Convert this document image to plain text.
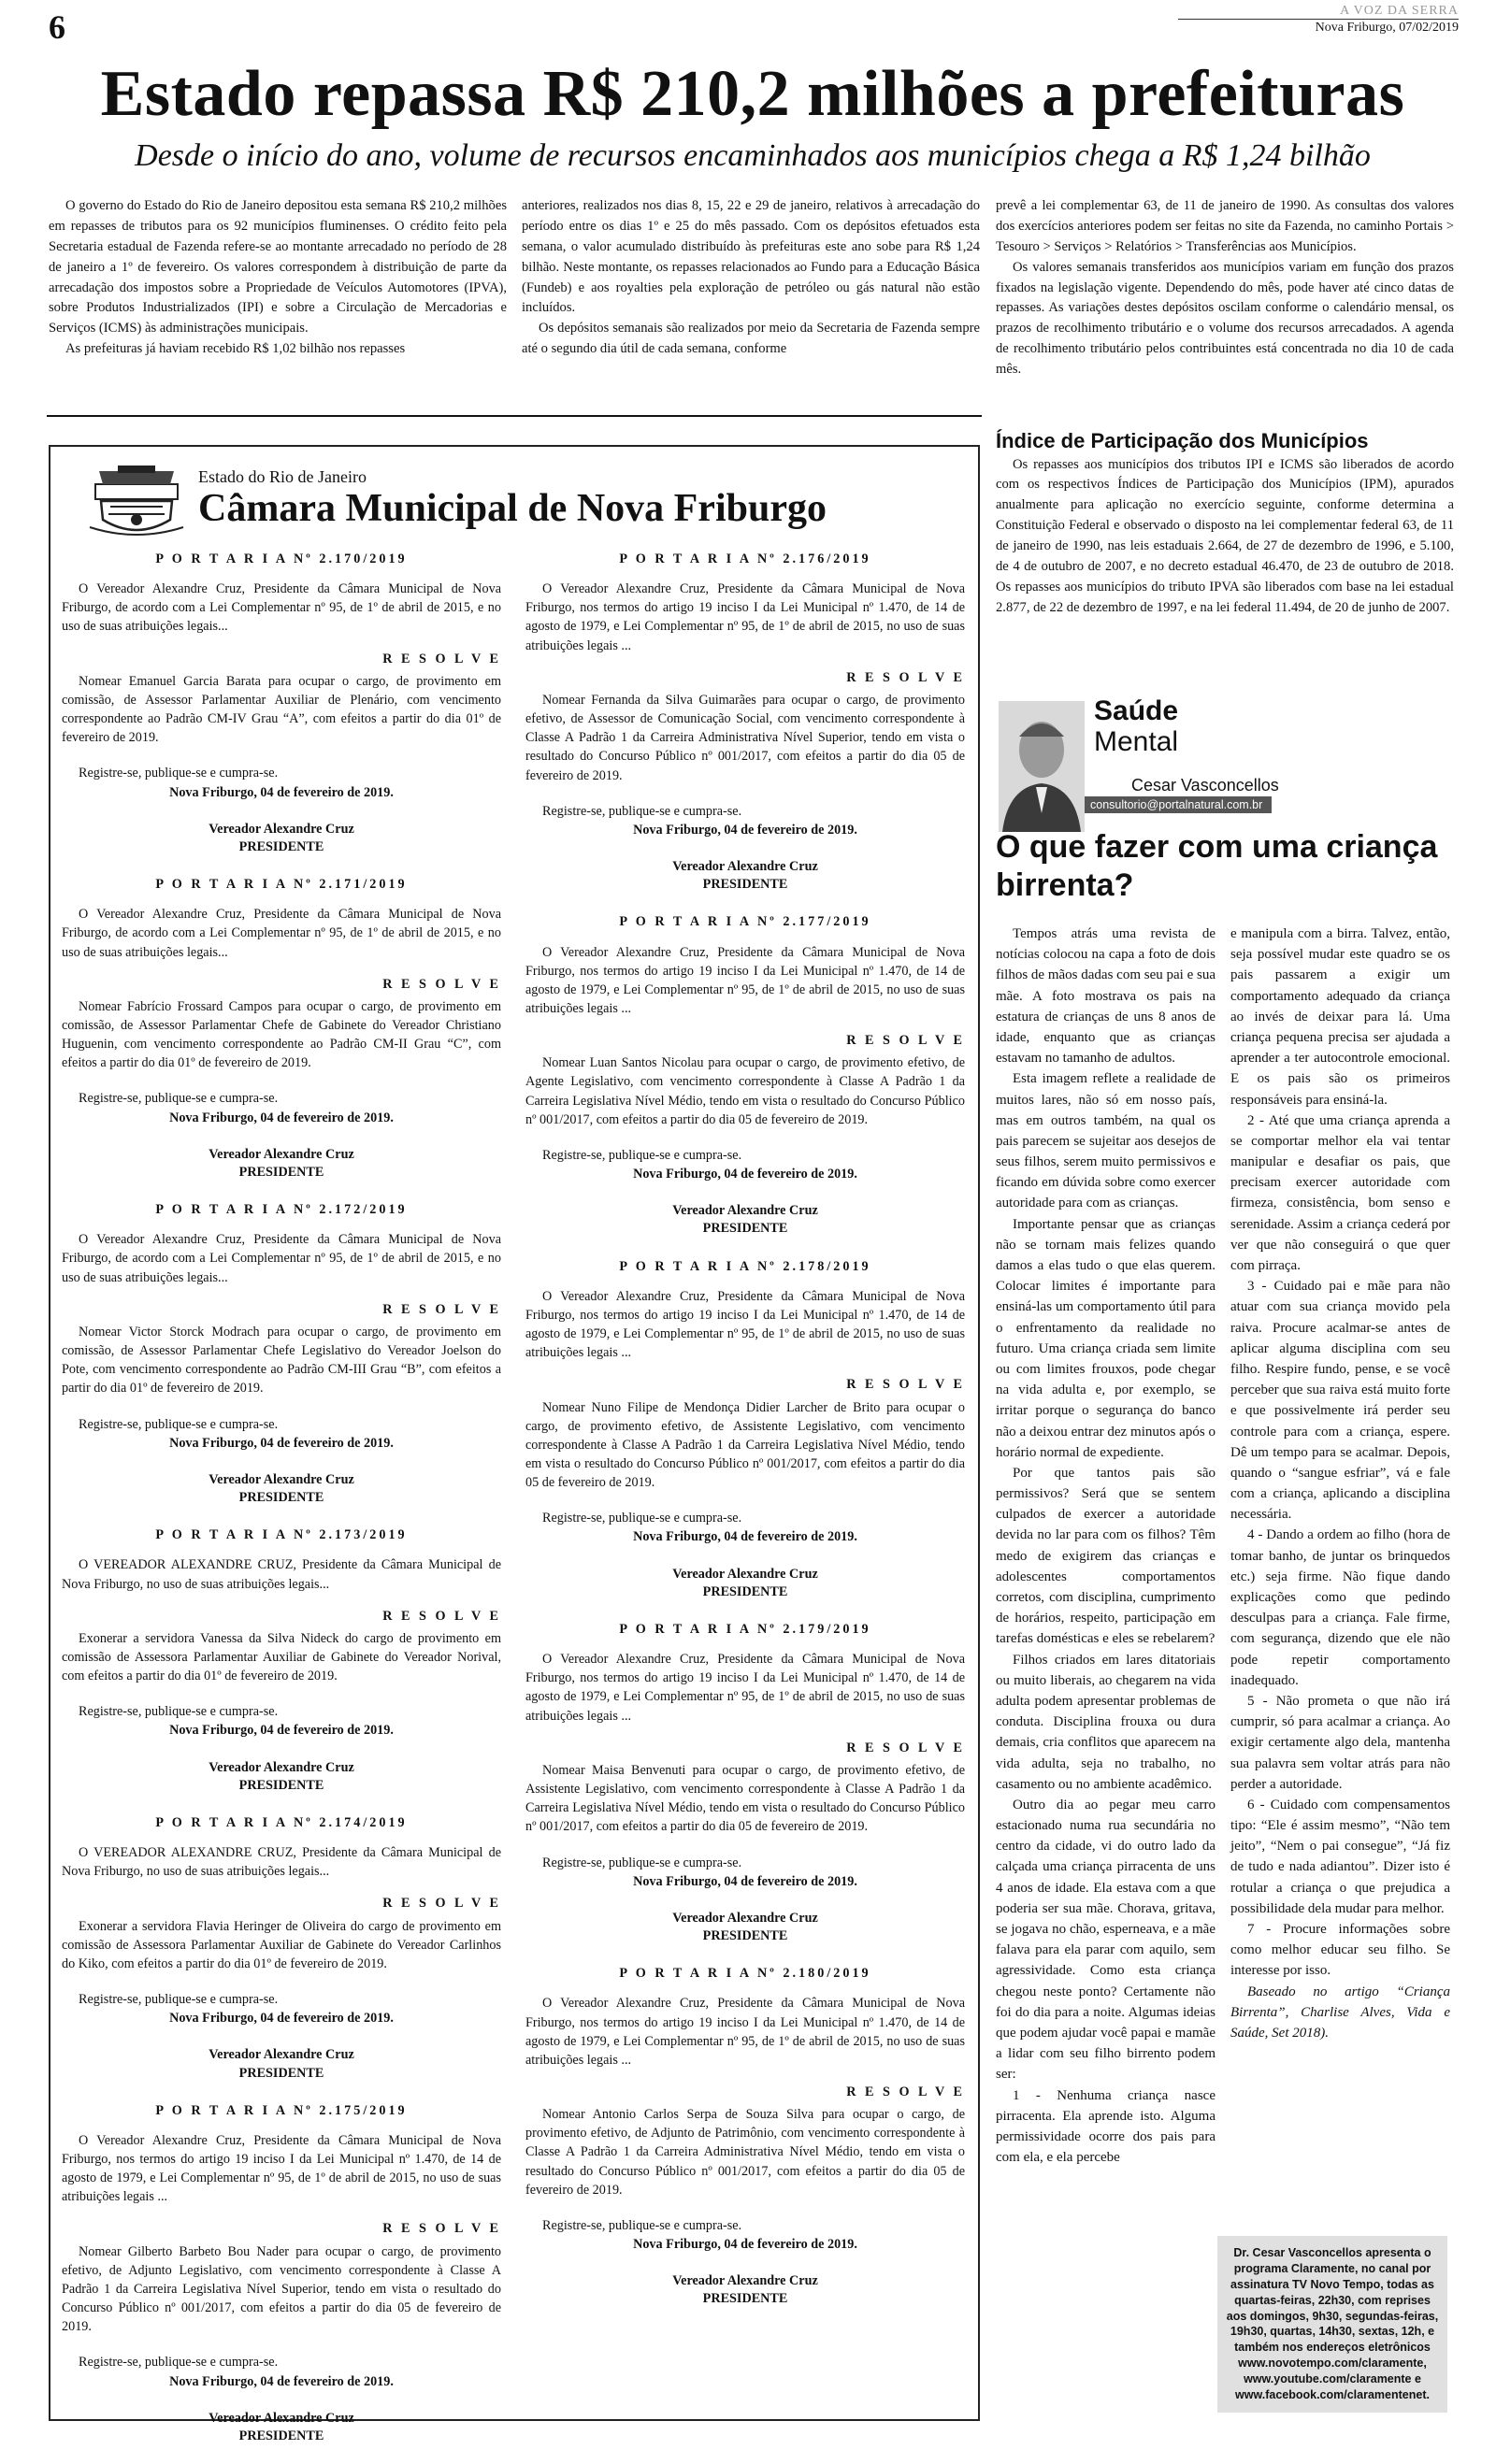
6	A VOZ DA SERRA
Nova Friburgo, 07/02/2019
Estado repassa R$ 210,2 milhões a prefeituras
Desde o início do ano, volume de recursos encaminhados aos municípios chega a R$ 1,24 bilhão

O governo do Estado do Rio de Janeiro depositou esta semana R$ 210,2 milhões em repasses de tributos para os 92 municípios fluminenses. O crédito feito pela Secretaria estadual de Fazenda refere-se ao montante arrecadado no período de 28 de janeiro a 1º de fevereiro. Os valores correspondem à distribuição de parte da arrecadação dos impostos sobre a Propriedade de Veículos Automotores (IPVA), sobre Produtos Industrializados (IPI) e sobre a Circulação de Mercadorias e Serviços (ICMS) às administrações municipais.

As prefeituras já haviam recebido R$ 1,02 bilhão nos repasses

anteriores, realizados nos dias 8, 15, 22 e 29 de janeiro, relativos à arrecadação do período entre os dias 1º e 25 do mês passado. Com os depósitos efetuados esta semana, o valor acumulado distribuído às prefeituras este ano sobe para R$ 1,24 bilhão. Neste montante, os repasses relacionados ao Fundo para a Educação Básica (Fundeb) e aos royalties pela exploração de petróleo ou gás natural não estão incluídos.

Os depósitos semanais são realizados por meio da Secretaria de Fazenda sempre até o segundo dia útil de cada semana, conforme

prevê a lei complementar 63, de 11 de janeiro de 1990. As consultas dos valores dos exercícios anteriores podem ser feitas no site da Fazenda, no caminho Portais > Tesouro > Serviços > Relatórios > Transferências aos Municípios.

Os valores semanais transferidos aos municípios variam em função dos prazos fixados na legislação vigente. Dependendo do mês, pode haver até cinco datas de repasses. As variações destes depósitos oscilam conforme o calendário mensal, os prazos de recolhimento tributário e o volume dos recursos arrecadados. A agenda de recolhimento tributário pelos contribuintes está concentrada no dia 10 de cada mês.

Estado do Rio de Janeiro
Câmara Municipal de Nova Friburgo
P O R T A R I A Nº 2.170/2019
O Vereador Alexandre Cruz, Presidente da Câmara Municipal de Nova Friburgo, de acordo com a Lei Complementar nº 95, de 1º de abril de 2015, e no uso de suas atribuições legais...
R E S O L V E
Nomear Emanuel Garcia Barata para ocupar o cargo, de provimento em comissão, de Assessor Parlamentar Auxiliar de Plenário, com vencimento correspondente ao Padrão CM-IV Grau “A”, com efeitos a partir do dia 01º de fevereiro de 2019.
Registre-se, publique-se e cumpra-se.
Nova Friburgo, 04 de fevereiro de 2019.
Vereador Alexandre Cruz
PRESIDENTE
P O R T A R I A Nº 2.171/2019
O Vereador Alexandre Cruz, Presidente da Câmara Municipal de Nova Friburgo, de acordo com a Lei Complementar nº 95, de 1º de abril de 2015, e no uso de suas atribuições legais...
R E S O L V E
Nomear Fabrício Frossard Campos para ocupar o cargo, de provimento em comissão, de Assessor Parlamentar Chefe de Gabinete do Vereador Christiano Huguenin, com vencimento correspondente ao Padrão CM-II Grau “C”, com efeitos a partir do dia 01º de fevereiro de 2019.
Registre-se, publique-se e cumpra-se.
Nova Friburgo, 04 de fevereiro de 2019.
Vereador Alexandre Cruz
PRESIDENTE
P O R T A R I A Nº 2.172/2019
O Vereador Alexandre Cruz, Presidente da Câmara Municipal de Nova Friburgo, de acordo com a Lei Complementar nº 95, de 1º de abril de 2015, e no uso de suas atribuições legais...
R E S O L V E
Nomear Victor Storck Modrach para ocupar o cargo, de provimento em comissão, de Assessor Parlamentar Chefe Legislativo do Vereador Joelson do Pote, com vencimento correspondente ao Padrão CM-III Grau “B”, com efeitos a partir do dia 01º de fevereiro de 2019.
Registre-se, publique-se e cumpra-se.
Nova Friburgo, 04 de fevereiro de 2019.
Vereador Alexandre Cruz
PRESIDENTE
P O R T A R I A Nº 2.173/2019
O VEREADOR ALEXANDRE CRUZ, Presidente da Câmara Municipal de Nova Friburgo, no uso de suas atribuições legais...
R E S O L V E
Exonerar a servidora Vanessa da Silva Nideck do cargo de provimento em comissão de Assessora Parlamentar Auxiliar de Gabinete do Vereador Norival, com efeitos a partir do dia 01º de fevereiro de 2019.
Registre-se, publique-se e cumpra-se.
Nova Friburgo, 04 de fevereiro de 2019.
Vereador Alexandre Cruz
PRESIDENTE
P O R T A R I A Nº 2.174/2019
O VEREADOR ALEXANDRE CRUZ, Presidente da Câmara Municipal de Nova Friburgo, no uso de suas atribuições legais...
R E S O L V E
Exonerar a servidora Flavia Heringer de Oliveira do cargo de provimento em comissão de Assessora Parlamentar Auxiliar de Gabinete do Vereador Carlinhos do Kiko, com efeitos a partir do dia 01º de fevereiro de 2019.
Registre-se, publique-se e cumpra-se.
Nova Friburgo, 04 de fevereiro de 2019.
Vereador Alexandre Cruz
PRESIDENTE
P O R T A R I A Nº 2.175/2019
O Vereador Alexandre Cruz, Presidente da Câmara Municipal de Nova Friburgo, nos termos do artigo 19 inciso I da Lei Municipal nº 1.470, de 14 de agosto de 1979, e Lei Complementar nº 95, de 1º de abril de 2015, no uso de suas atribuições legais ...
R E S O L V E
Nomear Gilberto Barbeto Bou Nader para ocupar o cargo, de provimento efetivo, de Adjunto Legislativo, com vencimento correspondente à Classe A Padrão 1 da Carreira Legislativa Nível Superior, tendo em vista o resultado do Concurso Público nº 001/2017, com efeitos a partir do dia 05 de fevereiro de 2019.
Registre-se, publique-se e cumpra-se.
Nova Friburgo, 04 de fevereiro de 2019.
Vereador Alexandre Cruz
PRESIDENTE
P O R T A R I A Nº 2.176/2019
O Vereador Alexandre Cruz, Presidente da Câmara Municipal de Nova Friburgo, nos termos do artigo 19 inciso I da Lei Municipal nº 1.470, de 14 de agosto de 1979, e Lei Complementar nº 95, de 1º de abril de 2015, no uso de suas atribuições legais ...
R E S O L V E
Nomear Fernanda da Silva Guimarães para ocupar o cargo, de provimento efetivo, de Assessor de Comunicação Social, com vencimento correspondente à Classe A Padrão 1 da Carreira Administrativa Nível Superior, tendo em vista o resultado do Concurso Público nº 001/2017, com efeitos a partir do dia 05 de fevereiro de 2019.
Registre-se, publique-se e cumpra-se.
Nova Friburgo, 04 de fevereiro de 2019.
Vereador Alexandre Cruz
PRESIDENTE
P O R T A R I A Nº 2.177/2019
O Vereador Alexandre Cruz, Presidente da Câmara Municipal de Nova Friburgo, nos termos do artigo 19 inciso I da Lei Municipal nº 1.470, de 14 de agosto de 1979, e Lei Complementar nº 95, de 1º de abril de 2015, no uso de suas atribuições legais ...
R E S O L V E
Nomear Luan Santos Nicolau para ocupar o cargo, de provimento efetivo, de Agente Legislativo, com vencimento correspondente à Classe A Padrão 1 da Carreira Legislativa Nível Médio, tendo em vista o resultado do Concurso Público nº 001/2017, com efeitos a partir do dia 05 de fevereiro de 2019.
Registre-se, publique-se e cumpra-se.
Nova Friburgo, 04 de fevereiro de 2019.
Vereador Alexandre Cruz
PRESIDENTE
P O R T A R I A Nº 2.178/2019
O Vereador Alexandre Cruz, Presidente da Câmara Municipal de Nova Friburgo, nos termos do artigo 19 inciso I da Lei Municipal nº 1.470, de 14 de agosto de 1979, e Lei Complementar nº 95, de 1º de abril de 2015, no uso de suas atribuições legais ...
R E S O L V E
Nomear Nuno Filipe de Mendonça Didier Larcher de Brito para ocupar o cargo, de provimento efetivo, de Assistente Legislativo, com vencimento correspondente à Classe A Padrão 1 da Carreira Legislativa Nível Médio, tendo em vista o resultado do Concurso Público nº 001/2017, com efeitos a partir do dia 05 de fevereiro de 2019.
Registre-se, publique-se e cumpra-se.
Nova Friburgo, 04 de fevereiro de 2019.
Vereador Alexandre Cruz
PRESIDENTE
P O R T A R I A Nº 2.179/2019
O Vereador Alexandre Cruz, Presidente da Câmara Municipal de Nova Friburgo, nos termos do artigo 19 inciso I da Lei Municipal nº 1.470, de 14 de agosto de 1979, e Lei Complementar nº 95, de 1º de abril de 2015, no uso de suas atribuições legais ...
R E S O L V E
Nomear Maisa Benvenuti para ocupar o cargo, de provimento efetivo, de Assistente Legislativo, com vencimento correspondente à Classe A Padrão 1 da Carreira Legislativa Nível Médio, tendo em vista o resultado do Concurso Público nº 001/2017, com efeitos a partir do dia 05 de fevereiro de 2019.
Registre-se, publique-se e cumpra-se.
Nova Friburgo, 04 de fevereiro de 2019.
Vereador Alexandre Cruz
PRESIDENTE
P O R T A R I A Nº 2.180/2019
O Vereador Alexandre Cruz, Presidente da Câmara Municipal de Nova Friburgo, nos termos do artigo 19 inciso I da Lei Municipal nº 1.470, de 14 de agosto de 1979, e Lei Complementar nº 95, de 1º de abril de 2015, no uso de suas atribuições legais ...
R E S O L V E
Nomear Antonio Carlos Serpa de Souza Silva para ocupar o cargo, de provimento efetivo, de Adjunto de Patrimônio, com vencimento correspondente à Classe A Padrão 1 da Carreira Administrativa Nível Médio, tendo em vista o resultado do Concurso Público nº 001/2017, com efeitos a partir do dia 05 de fevereiro de 2019.
Registre-se, publique-se e cumpra-se.
Nova Friburgo, 04 de fevereiro de 2019.
Vereador Alexandre Cruz
PRESIDENTE
Índice de Participação dos Municípios

Os repasses aos municípios dos tributos IPI e ICMS são liberados de acordo com os respectivos Índices de Participação dos Municípios (IPM), apurados anualmente para aplicação no exercício seguinte, conforme determina a Constituição Federal e observado o disposto na lei complementar federal 63, de 11 de janeiro de 1990, nas leis estaduais 2.664, de 27 de dezembro de 1996, e 5.100, de 4 de outubro de 2007, e no decreto estadual 46.470, de 23 de outubro de 2018. Os repasses aos municípios do tributo IPVA são liberados com base na lei estadual 2.877, de 22 de dezembro de 1997, e na lei federal 11.494, de 20 de junho de 2007.

Saúde
Mental
Cesar Vasconcellos
consultorio@portalnatural.com.br
O que fazer com uma criança birrenta?

Tempos atrás uma revista de notícias colocou na capa a foto de dois filhos de mãos dadas com seu pai e sua mãe. A foto mostrava os pais na estatura de crianças de uns 8 anos de idade, enquanto que as crianças estavam no tamanho de adultos.

Esta imagem reflete a realidade de muitos lares, não só em nosso país, mas em outros também, na qual os pais parecem se sujeitar aos desejos de seus filhos, serem muito permissivos e ficando em dúvida sobre como exercer autoridade para com as crianças.

Importante pensar que as crianças não se tornam mais felizes quando damos a elas tudo o que elas querem. Colocar limites é importante para ensiná-las um comportamento útil para o enfrentamento da realidade no futuro. Uma criança criada sem limite ou com limites frouxos, pode chegar na vida adulta e, por exemplo, se irritar porque o segurança do banco não a deixou entrar dez minutos após o horário normal de expediente.

Por que tantos pais são permissivos? Será que se sentem culpados de exercer a autoridade devida no lar para com os filhos? Têm medo de exigirem das crianças e adolescentes comportamentos corretos, com disciplina, cumprimento de horários, respeito, participação em tarefas domésticas e eles se rebelarem?

Filhos criados em lares ditatoriais ou muito liberais, ao chegarem na vida adulta podem apresentar problemas de conduta. Disciplina frouxa ou dura demais, cria conflitos que aparecem na vida adulta, seja no trabalho, no casamento ou no ambiente acadêmico.

Outro dia ao pegar meu carro estacionado numa rua secundária no centro da cidade, vi do outro lado da calçada uma criança pirracenta de uns 4 anos de idade. Ela estava com a que poderia ser sua mãe. Chorava, gritava, se jogava no chão, esperneava, e a mãe falava para ela parar com aquilo, sem agressividade. Como esta criança chegou neste ponto? Certamente não foi do dia para a noite. Algumas ideias que podem ajudar você papai e mamãe a lidar com seu filho birrento podem ser:

1 - Nenhuma criança nasce pirracenta. Ela aprende isto. Alguma permissividade ocorre dos pais para com ela, e ela percebe

e manipula com a birra. Talvez, então, seja possível mudar este quadro se os pais passarem a exigir um comportamento adequado da criança ao invés de deixar para lá. Uma criança pequena precisa ser ajudada a aprender a ter autocontrole emocional. E os pais são os primeiros responsáveis para ensiná-la.

2 - Até que uma criança aprenda a se comportar melhor ela vai tentar manipular e desafiar os pais, que precisam exercer autoridade com firmeza, consistência, bom senso e serenidade. Assim a criança cederá por ver que não conseguirá o que quer com pirraça.

3 - Cuidado pai e mãe para não atuar com sua criança movido pela raiva. Procure acalmar-se antes de aplicar alguma disciplina com seu filho. Respire fundo, pense, e se você perceber que sua raiva está muito forte e que possivelmente irá perder seu controle para com a criança, espere. Dê um tempo para se acalmar. Depois, quando o “sangue esfriar”, vá e fale com a criança, aplicando a disciplina necessária.

4 - Dando a ordem ao filho (hora de tomar banho, de juntar os brinquedos etc.) seja firme. Não fique dando explicações como que pedindo desculpas para a criança. Fale firme, com segurança, dizendo que ele não pode repetir comportamento inadequado.

5 - Não prometa o que não irá cumprir, só para acalmar a criança. Ao exigir certamente algo dela, mantenha sua palavra sem voltar atrás para não perder a autoridade.

6 - Cuidado com compensamentos tipo: “Ele é assim mesmo”, “Não tem jeito”, “Nem o pai consegue”, “Já fiz de tudo e nada adiantou”. Dizer isto é rotular a criança o que prejudica a possibilidade dela mudar para melhor.

7 - Procure informações sobre como melhor educar seu filho. Se interesse por isso.

Baseado no artigo “Criança Birrenta”, Charlise Alves, Vida e Saúde, Set 2018).

Dr. Cesar Vasconcellos apresenta o programa Claramente, no canal por assinatura TV Novo Tempo, todas as quartas-feiras, 22h30, com reprises aos domingos, 9h30, segundas-feiras, 19h30, quartas, 14h30, sextas, 12h, e também nos endereços eletrônicos www.novotempo.com/claramente, www.youtube.com/claramente e www.facebook.com/claramentenet.
